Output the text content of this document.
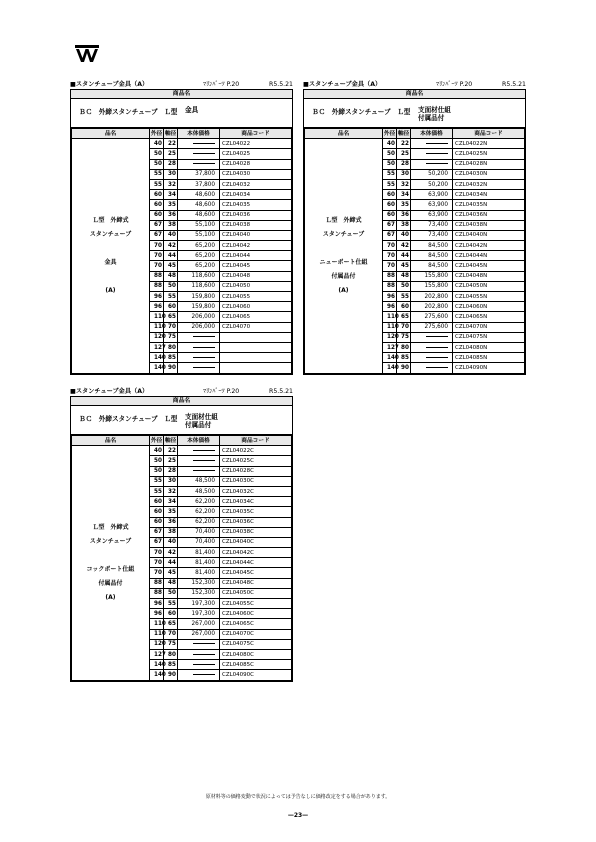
■スタンチューブ金具（A）	ﾏﾘﾝﾊﾟｰﾂ P.20	R5.5.21
商品名
ＢＣ　外締スタンチューブ　Ｌ型 金具
品名	外径	軸径	本体価格	商品コード

Ｌ型　外締式
スタンチューブ

金具

(A)	40	22		CZL04022
	50	25		CZL04025
	50	28		CZL04028
	55	30	37,800	CZL04030
	55	32	37,800	CZL04032
	60	34	48,600	CZL04034
	60	35	48,600	CZL04035
	60	36	48,600	CZL04036
	67	38	55,100	CZL04038
	67	40	55,100	CZL04040
	70	42	65,200	CZL04042
	70	44	65,200	CZL04044
	70	45	65,200	CZL04045
	88	48	118,600	CZL04048
	88	50	118,600	CZL04050
	96	55	159,800	CZL04055
	96	60	159,800	CZL04060
	110	65	206,000	CZL04065
	110	70	206,000	CZL04070
	120	75		
	127	80		
	140	85		
	140	90		
■スタンチューブ金具（A）	ﾏﾘﾝﾊﾟｰﾂ P.20	R5.5.21
商品名
ＢＣ　外締スタンチューブ　Ｌ型 支面材仕組
付属品付
品名	外径	軸径	本体価格	商品コード

Ｌ型　外締式
スタンチューブ

ニューポート仕組
付属品付
(A)	40	22		CZL04022N
	50	25		CZL04025N
	50	28		CZL04028N
	55	30	50,200	CZL04030N
	55	32	50,200	CZL04032N
	60	34	63,900	CZL04034N
	60	35	63,900	CZL04035N
	60	36	63,900	CZL04036N
	67	38	73,400	CZL04038N
	67	40	73,400	CZL04040N
	70	42	84,500	CZL04042N
	70	44	84,500	CZL04044N
	70	45	84,500	CZL04045N
	88	48	155,800	CZL04048N
	88	50	155,800	CZL04050N
	96	55	202,800	CZL04055N
	96	60	202,800	CZL04060N
	110	65	275,600	CZL04065N
	110	70	275,600	CZL04070N
	120	75		CZL04075N
	127	80		CZL04080N
	140	85		CZL04085N
	140	90		CZL04090N
■スタンチューブ金具（A）	ﾏﾘﾝﾊﾟｰﾂ P.20	R5.5.21
商品名
ＢＣ　外締スタンチューブ　Ｌ型 支面材仕組
付属品付
品名	外径	軸径	本体価格	商品コード

Ｌ型　外締式
スタンチューブ

コックポート仕組
付属品付
(A)	40	22		CZL04022C
	50	25		CZL04025C
	50	28		CZL04028C
	55	30	48,500	CZL04030C
	55	32	48,500	CZL04032C
	60	34	62,200	CZL04034C
	60	35	62,200	CZL04035C
	60	36	62,200	CZL04036C
	67	38	70,400	CZL04038C
	67	40	70,400	CZL04040C
	70	42	81,400	CZL04042C
	70	44	81,400	CZL04044C
	70	45	81,400	CZL04045C
	88	48	152,300	CZL04048C
	88	50	152,300	CZL04050C
	96	55	197,300	CZL04055C
	96	60	197,300	CZL04060C
	110	65	267,000	CZL04065C
	110	70	267,000	CZL04070C
	120	75		CZL04075C
	127	80		CZL04080C
	140	85		CZL04085C
	140	90		CZL04090C
原材料等の価格変動で状況によっては予告なしに価格改定をする場合があります。
—23—
